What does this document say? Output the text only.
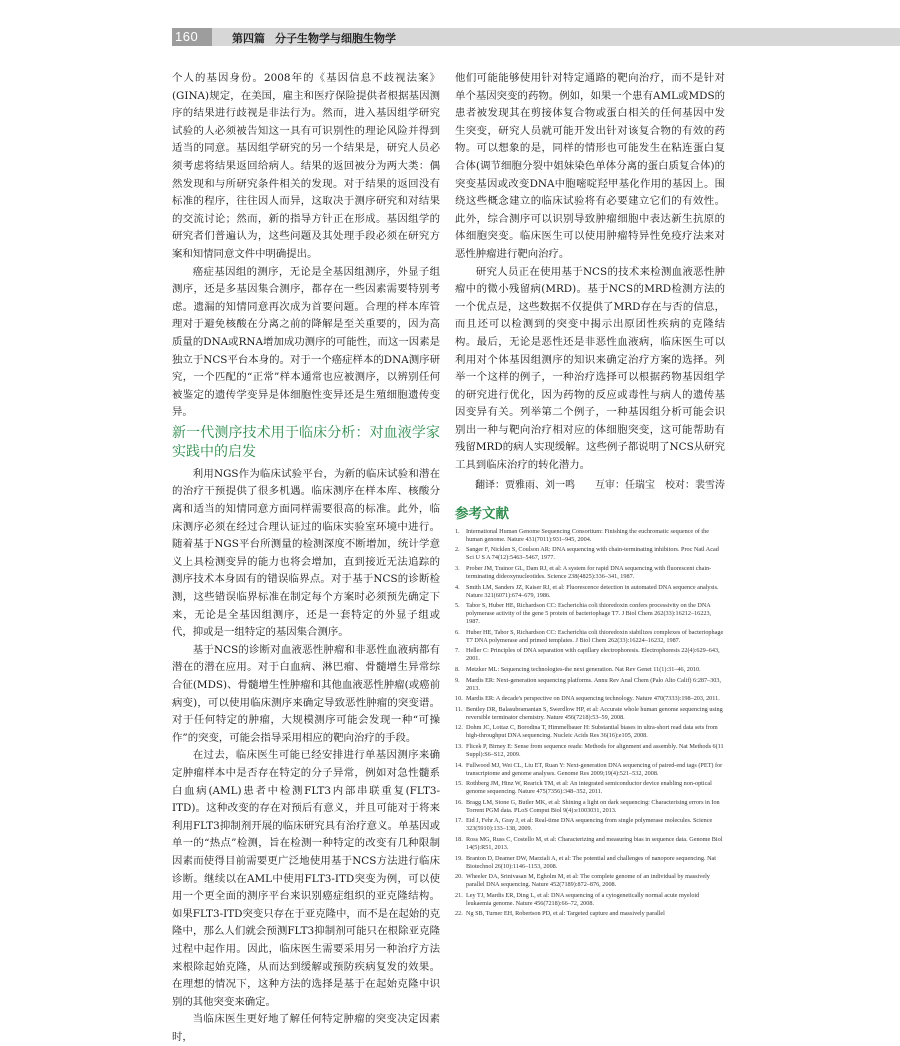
160	第四篇 分子生物学与细胞生物学

个人的基因身份。2008年的《基因信息不歧视法案》(GINA)规定，在美国，雇主和医疗保险提供者根据基因测序的结果进行歧视是非法行为。然而，进入基因组学研究试验的人必须被告知这一具有可识别性的理论风险并得到适当的同意。基因组学研究的另一个结果是，研究人员必须考虑将结果返回给病人。结果的返回被分为两大类：偶然发现和与所研究条件相关的发现。对于结果的返回没有标准的程序，往往因人而异，这取决于测序研究和对结果的交流讨论；然而，新的指导方针正在形成。基因组学的研究者们普遍认为，这些问题及其处理手段必须在研究方案和知情同意文件中明确提出。

癌症基因组的测序，无论是全基因组测序，外显子组测序，还是多基因集合测序，都存在一些因素需要特别考虑。遗漏的知情同意再次成为首要问题。合理的样本库管理对于避免核酸在分离之前的降解是至关重要的，因为高质量的DNA或RNA增加成功测序的可能性，而这一因素是独立于NCS平台本身的。对于一个癌症样本的DNA测序研究，一个匹配的“正常”样本通常也应被测序，以辨别任何被鉴定的遗传学变异是体细胞性变异还是生殖细胞遗传变异。

新一代测序技术用于临床分析：对血液学家实践中的启发

利用NGS作为临床试验平台，为新的临床试验和潜在的治疗干预提供了很多机遇。临床测序在样本库、核酸分离和适当的知情同意方面同样需要很高的标准。此外，临床测序必须在经过合理认证过的临床实验室环境中进行。随着基于NGS平台所测量的检测深度不断增加，统计学意义上具检测变异的能力也将会增加，直到接近无法追踪的测序技术本身固有的错误临界点。对于基于NCS的诊断检测，这些错误临界标准在制定每个方案时必须预先确定下来，无论是全基因组测序，还是一套特定的外显子组或代，抑或是一组特定的基因集合测序。

基于NCS的诊断对血液恶性肿瘤和非恶性血液病都有潜在的潜在应用。对于白血病、淋巴瘤、骨髓增生异常综合征(MDS)、骨髓增生性肿瘤和其他血液恶性肿瘤(或癌前病变)，可以使用临床测序来确定导致恶性肿瘤的突变谱。对于任何特定的肿瘤，大规模测序可能会发现一种“可操作”的突变，可能会指导采用相应的靶向治疗的手段。

在过去，临床医生可能已经安排进行单基因测序来确定肿瘤样本中是否存在特定的分子异常，例如对急性髓系白血病(AML)患者中检测FLT3内部串联重复(FLT3-ITD)。这种改变的存在对预后有意义，并且可能对于将来利用FLT3抑制剂开展的临床研究具有治疗意义。单基因或单一的“热点”检测，旨在检测一种特定的改变有几种限制因素而使得目前需要更广泛地使用基于NCS方法进行临床诊断。继续以在AML中使用FLT3-ITD突变为例，可以使用一个更全面的测序平台来识别癌症组织的亚克隆结构。如果FLT3-ITD突变只存在于亚克隆中，而不是在起始的克隆中，那么人们就会预测FLT3抑制剂可能只在根除亚克隆过程中起作用。因此，临床医生需要采用另一种治疗方法来根除起始克隆，从而达到缓解或预防疾病复发的效果。在理想的情况下，这种方法的选择是基于在起始克隆中识别的其他突变来确定。

当临床医生更好地了解任何特定肿瘤的突变决定因素时，

他们可能能够使用针对特定通路的靶向治疗，而不是针对单个基因突变的药物。例如，如果一个患有AML或MDS的患者被发现其在剪接体复合物或蛋白相关的任何基因中发生突变，研究人员就可能开发出针对该复合物的有效的药物。可以想象的是，同样的情形也可能发生在粘连蛋白复合体(调节细胞分裂中姐妹染色单体分离的蛋白质复合体)的突变基因或改变DNA中胞嘧啶羟甲基化作用的基因上。围绕这些概念建立的临床试验将有必要建立它们的有效性。此外，综合测序可以识别导致肿瘤细胞中表达新生抗原的体细胞突变。临床医生可以使用肿瘤特异性免疫疗法来对恶性肿瘤进行靶向治疗。

研究人员正在使用基于NCS的技术来检测血液恶性肿瘤中的微小残留病(MRD)。基于NCS的MRD检测方法的一个优点是，这些数据不仅提供了MRD存在与否的信息，而且还可以检测到的突变中揭示出原团性疾病的克隆结构。最后，无论是恶性还是非恶性血液病，临床医生可以利用对个体基因组测序的知识来确定治疗方案的选择。列举一个这样的例子，一种治疗选择可以根据药物基因组学的研究进行优化，因为药物的反应或毒性与病人的遗传基因变异有关。列举第二个例子，一种基因组分析可能会识别出一种与靶向治疗相对应的体细胞突变，这可能帮助有残留MRD的病人实现缓解。这些例子都说明了NCS从研究工具到临床治疗的转化潜力。

翻译：贾雅雨、刘一鸣　　互审：任瑞宝　校对：裴雪涛

参考文献
1. International Human Genome Sequencing Consortium: Finishing the euchromatic sequence of the human genome. Nature 431(7011):931–945, 2004.
2. Sanger F, Nicklen S, Coulson AR: DNA sequencing with chain-terminating inhibitors. Proc Natl Acad Sci U S A 74(12):5463–5467, 1977.
3. Prober JM, Trainor GL, Dam RJ, et al: A system for rapid DNA sequencing with fluorescent chain-terminating dideoxynucleotides. Science 238(4825):336–341, 1987.
4. Smith LM, Sanders JZ, Kaiser RJ, et al: Fluorescence detection in automated DNA sequence analysis. Nature 321(6071):674–679, 1986.
5. Tabor S, Huber HE, Richardson CC: Escherichia coli thioredoxin confers processivity on the DNA polymerase activity of the gene 5 protein of bacteriophage T7. J Biol Chem 262(33):16212–16223, 1987.
6. Huber HE, Tabor S, Richardson CC: Escherichia coli thioredoxin stabilizes complexes of bacteriophage T7 DNA polymerase and primed templates. J Biol Chem 262(33):16224–16232, 1987.
7. Heller C: Principles of DNA separation with capillary electrophoresis. Electrophoresis 22(4):629–643, 2001.
8. Metzker ML: Sequencing technologies-the next generation. Nat Rev Genet 11(1):31–46, 2010.
9. Mardis ER: Next-generation sequencing platforms. Annu Rev Anal Chem (Palo Alto Calif) 6:287–303, 2013.
10. Mardis ER: A decade's perspective on DNA sequencing technology. Nature 470(7333):198–203, 2011.
11. Bentley DR, Balasubramanian S, Swerdlow HP, et al: Accurate whole human genome sequencing using reversible terminator chemistry. Nature 456(7218):53–59, 2008.
12. Dohm JC, Lottaz C, Borodina T, Himmelbauer H: Substantial biases in ultra-short read data sets from high-throughput DNA sequencing. Nucleic Acids Res 36(16):e105, 2008.
13. Flicek P, Birney E: Sense from sequence reads: Methods for alignment and assembly. Nat Methods 6(11 Suppl):S6–S12, 2009.
14. Fullwood MJ, Wei CL, Liu ET, Ruan Y: Next-generation DNA sequencing of paired-end tags (PET) for transcriptome and genome analyses. Genome Res 2009;19(4):521–532, 2008.
15. Rothberg JM, Hinz W, Rearick TM, et al: An integrated semiconductor device enabling non-optical genome sequencing. Nature 475(7356):348–352, 2011.
16. Bragg LM, Stone G, Butler MK, et al: Shining a light on dark sequencing: Characterising errors in Ion Torrent PGM data. PLoS Comput Biol 9(4):e1003031, 2013.
17. Eid J, Fehr A, Gray J, et al: Real-time DNA sequencing from single polymerase molecules. Science 323(5910):133–138, 2009.
18. Ross MG, Russ C, Costello M, et al: Characterizing and measuring bias in sequence data. Genome Biol 14(5):R51, 2013.
19. Branton D, Deamer DW, Marziali A, et al: The potential and challenges of nanopore sequencing. Nat Biotechnol 26(10):1146–1153, 2008.
20. Wheeler DA, Srinivasan M, Egholm M, et al: The complete genome of an individual by massively parallel DNA sequencing. Nature 452(7189):872–876, 2008.
21. Ley TJ, Mardis ER, Ding L, et al: DNA sequencing of a cytogenetically normal acute myeloid leukaemia genome. Nature 456(7218):66–72, 2008.
22. Ng SB, Turner EH, Robertson PD, et al: Targeted capture and massively parallel
